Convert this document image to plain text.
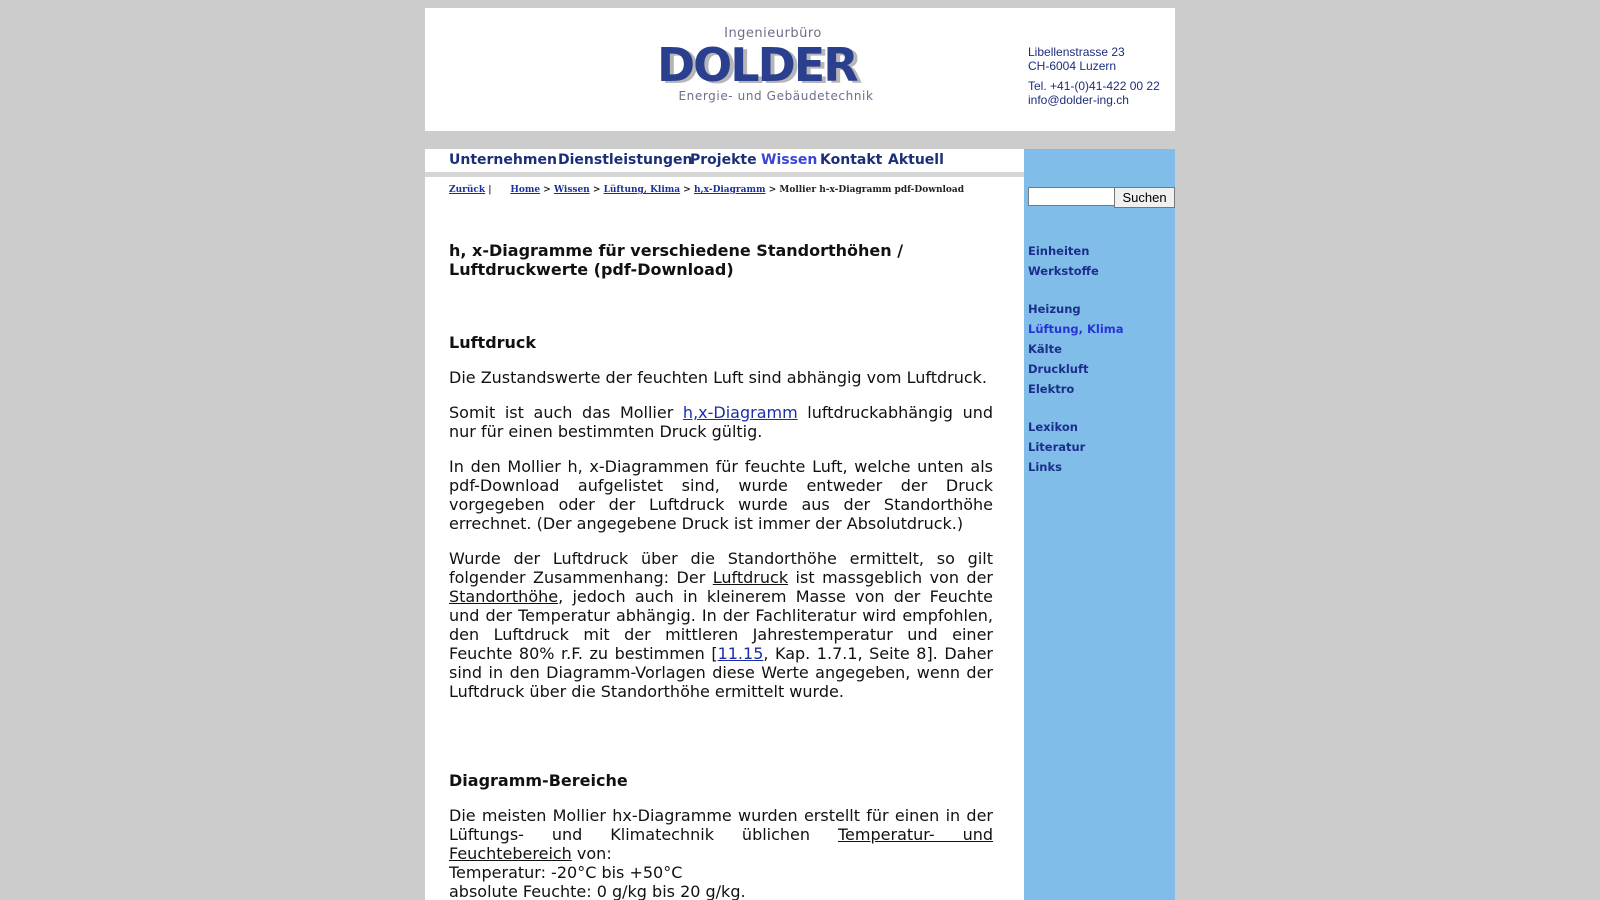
Ingenieurbüro
DOLDER
Energie- und Gebäudetechnik
Libellenstrasse 23
CH-6004 Luzern
Tel. +41-(0)41-422 00 22
info@dolder-ing.ch
Unternehmen Dienstleistungen
Projekte Wissen Kontakt Aktuell
Zurück | Home > Wissen > Lüftung, Klima > h,x-Diagramm > Mollier h-x-Diagramm pdf-Download
h, x-Diagramme für verschiedene Standorthöhen / Luftdruckwerte (pdf-Download)
Luftdruck

Die Zustandswerte der feuchten Luft sind abhängig vom Luftdruck.

Somit ist auch das Mollier h,x-Diagramm luftdruckabhängig und nur für einen bestimmten Druck gültig.

In den Mollier h, x-Diagrammen für feuchte Luft, welche unten als pdf-Download aufgelistet sind, wurde entweder der Druck vorgegeben oder der Luftdruck wurde aus der Standorthöhe errechnet. (Der angegebene Druck ist immer der Absolutdruck.)

Wurde der Luftdruck über die Standorthöhe ermittelt, so gilt folgender Zusammenhang: Der Luftdruck ist massgeblich von der Standorthöhe, jedoch auch in kleinerem Masse von der Feuchte und der Temperatur abhängig. In der Fachliteratur wird empfohlen, den Luftdruck mit der mittleren Jahrestemperatur und einer Feuchte 80% r.F. zu bestimmen [11.15, Kap. 1.7.1, Seite 8]. Daher sind in den Diagramm-Vorlagen diese Werte angegeben, wenn der Luftdruck über die Standorthöhe ermittelt wurde.

Diagramm-Bereiche

Die meisten Mollier hx-Diagramme wurden erstellt für einen in der Lüftungs- und Klimatechnik üblichen Temperatur- und Feuchtebereich von:

Temperatur: -20°C bis +50°C

absolute Feuchte: 0 g/kg bis 20 g/kg.

Suchen
Einheiten
Werkstoffe
Heizung
Lüftung, Klima
Kälte
Druckluft
Elektro
Lexikon
Literatur
Links
